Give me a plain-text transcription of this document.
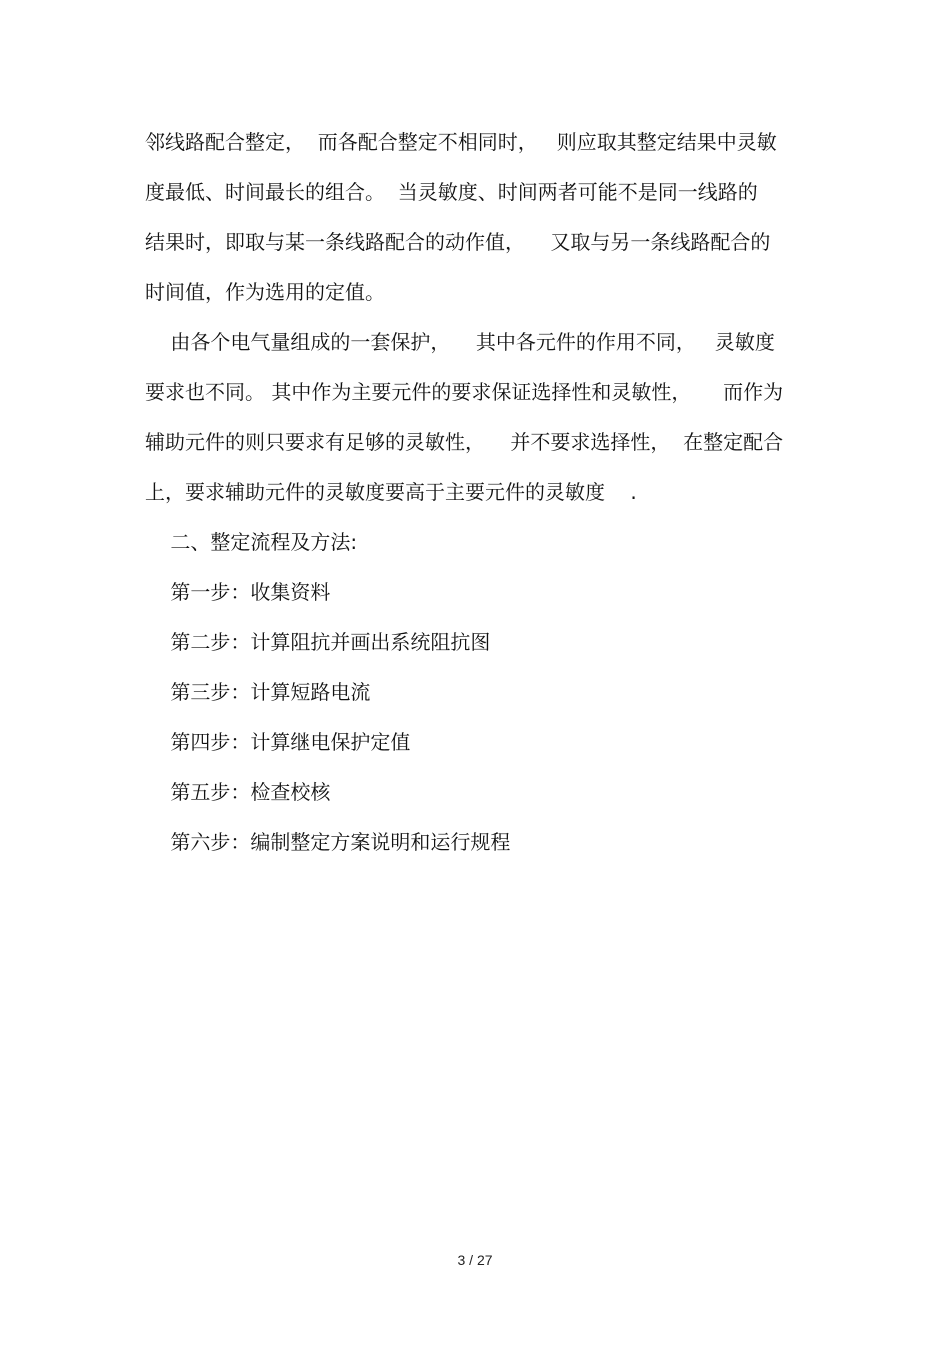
邻线路配合整定，  而各配合整定不相同时，   则应取其整定结果中灵敏
度最低、时间最长的组合。  当灵敏度、时间两者可能不是同一线路的
结果时，即取与某一条线路配合的动作值，    又取与另一条线路配合的
时间值，作为选用的定值。
由各个电气量组成的一套保护，    其中各元件的作用不同，   灵敏度
要求也不同。 其中作为主要元件的要求保证选择性和灵敏性，     而作为
辅助元件的则只要求有足够的灵敏性，    并不要求选择性，  在整定配合
上，要求辅助元件的灵敏度要高于主要元件的灵敏度    .
二、整定流程及方法:
第一步：收集资料
第二步：计算阻抗并画出系统阻抗图
第三步：计算短路电流
第四步：计算继电保护定值
第五步：检查校核
第六步：编制整定方案说明和运行规程
3 / 27
